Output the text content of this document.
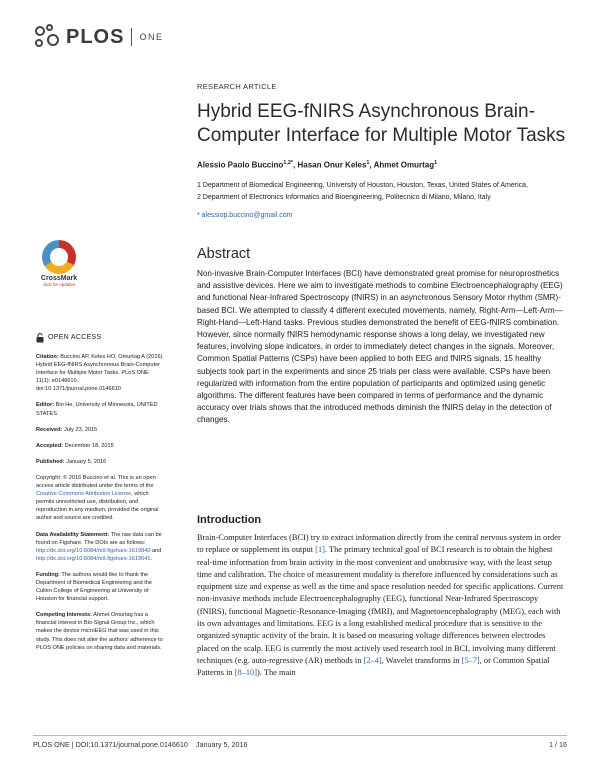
PLOS ONE
RESEARCH ARTICLE
Hybrid EEG-fNIRS Asynchronous Brain-Computer Interface for Multiple Motor Tasks
Alessio Paolo Buccino$^{1,2*}$, Hasan Onur Keles$^1$, Ahmet Omurtag$^1$
1 Department of Biomedical Engineering, University of Houston, Houston, Texas, United States of America,
2 Department of Electronics Informatics and Bioengineering, Politecnico di Milano, Milano, Italy
* alessiop.buccino@gmail.com
CrossMark
click for updates
OPEN ACCESS
Citation: Buccino AP, Keles HO, Omurtag A (2016) Hybrid EEG-fNIRS Asynchronous Brain-Computer Interface for Multiple Motor Tasks. PLoS ONE 11(1): e0146610. doi:10.1371/journal.pone.0146610
Editor: Bin He, University of Minnesota, UNITED STATES
Received: July 23, 2015
Accepted: December 18, 2015
Published: January 5, 2016
Copyright: © 2016 Buccino et al. This is an open access article distributed under the terms of the Creative Commons Attribution License, which permits unrestricted use, distribution, and reproduction in any medium, provided the original author and source are credited.
Data Availability Statement: The raw data can be found on Figshare. The DOIs are as follows: http://dx.doi.org/10.6084/m9.figshare.1619840 and http://dx.doi.org/10.6084/m9.figshare.1619641.
Funding: The authors would like to thank the Department of Biomedical Engineering and the Cullen College of Engineering at University of Houston for financial support.
Competing Interests: Ahmet Omurtag has a financial interest in Bio-Signal Group Inc., which makes the device microEEG that was used in this study. This does not alter the authors' adherence to PLOS ONE policies on sharing data and materials.
Abstract
Non-invasive Brain-Computer Interfaces (BCI) have demonstrated great promise for neuroprosthetics and assistive devices. Here we aim to investigate methods to combine Electroencephalography (EEG) and functional Near-Infrared Spectroscopy (fNIRS) in an asynchronous Sensory Motor rhythm (SMR)-based BCI. We attempted to classify 4 different executed movements, namely, Right-Arm—Left-Arm—Right-Hand—Left-Hand tasks. Previous studies demonstrated the benefit of EEG-fNIRS combination. However, since normally fNIRS hemodynamic response shows a long delay, we investigated new features, involving slope indicators, in order to immediately detect changes in the signals. Moreover, Common Spatial Patterns (CSPs) have been applied to both EEG and fNIRS signals. 15 healthy subjects took part in the experiments and since 25 trials per class were available, CSPs have been regularized with information from the entire population of participants and optimized using genetic algorithms. The different features have been compared in terms of performance and the dynamic accuracy over trials shows that the introduced methods diminish the fNIRS delay in the detection of changes.
Introduction
Brain-Computer Interfaces (BCI) try to extract information directly from the central nervous system in order to replace or supplement its output [1]. The primary technical goal of BCI research is to obtain the highest real-time information from brain activity in the most convenient and unobtrusive way, with the least setup time and calibration. The choice of measurement modality is therefore influenced by considerations such as equipment size and expense as well as the time and space resolution needed for specific applications. Current non-invasive methods include Electroencephalography (EEG), functional Near-Infrared Spectroscopy (fNIRS), functional Magnetic-Resonance-Imaging (fMRI), and Magnetoencephalography (MEG), each with its own advantages and limitations. EEG is a long established medical procedure that is sensitive to the organized synaptic activity of the brain. It is based on measuring voltage differences between electrodes placed on the scalp. EEG is currently the most actively used research tool in BCI, involving many different techniques (e.g. auto-regressive (AR) methods in [2–4], Wavelet transforms in [5–7], or Common Spatial Patterns in [8–10]). The main
PLOS ONE | DOI:10.1371/journal.pone.0146610    January 5, 2016	1 / 16
